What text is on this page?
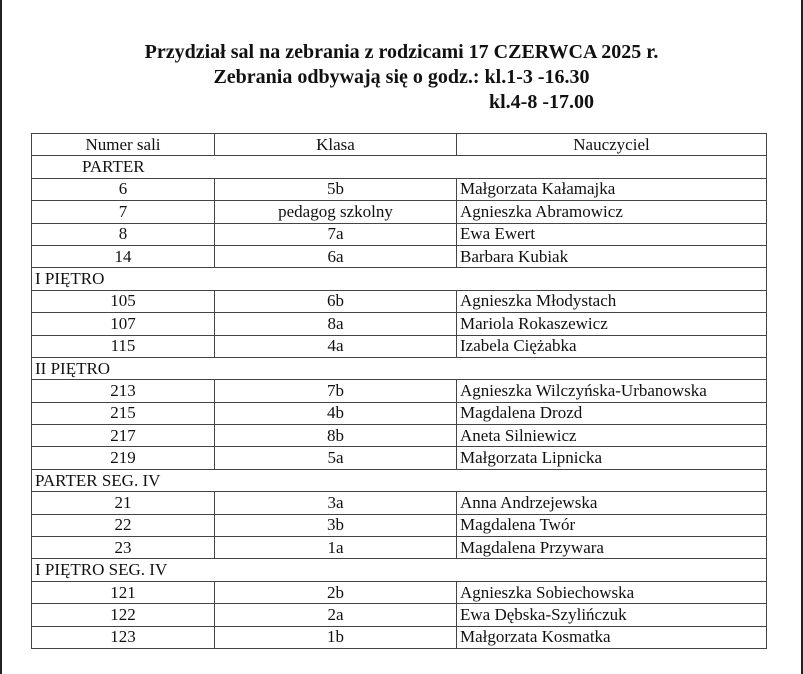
Przydział sal na zebrania z rodzicami 17 CZERWCA 2025 r.
Zebrania odbywają się o godz.: kl.1-3 -16.30
kl.4-8 -17.00
Numer sali	Klasa	Nauczyciel
PARTER		
6	5b	Małgorzata Kałamajka
7	pedagog szkolny	Agnieszka Abramowicz
8	7a	Ewa Ewert
14	6a	Barbara Kubiak
I PIĘTRO		
105	6b	Agnieszka Młodystach
107	8a	Mariola Rokaszewicz
115	4a	Izabela Ciężabka
II PIĘTRO		
213	7b	Agnieszka Wilczyńska-Urbanowska
215	4b	Magdalena Drozd
217	8b	Aneta Silniewicz
219	5a	Małgorzata Lipnicka
PARTER SEG. IV		
21	3a	Anna Andrzejewska
22	3b	Magdalena Twór
23	1a	Magdalena Przywara
I PIĘTRO SEG. IV		
121	2b	Agnieszka Sobiechowska
122	2a	Ewa Dębska-Szylińczuk
123	1b	Małgorzata Kosmatka
